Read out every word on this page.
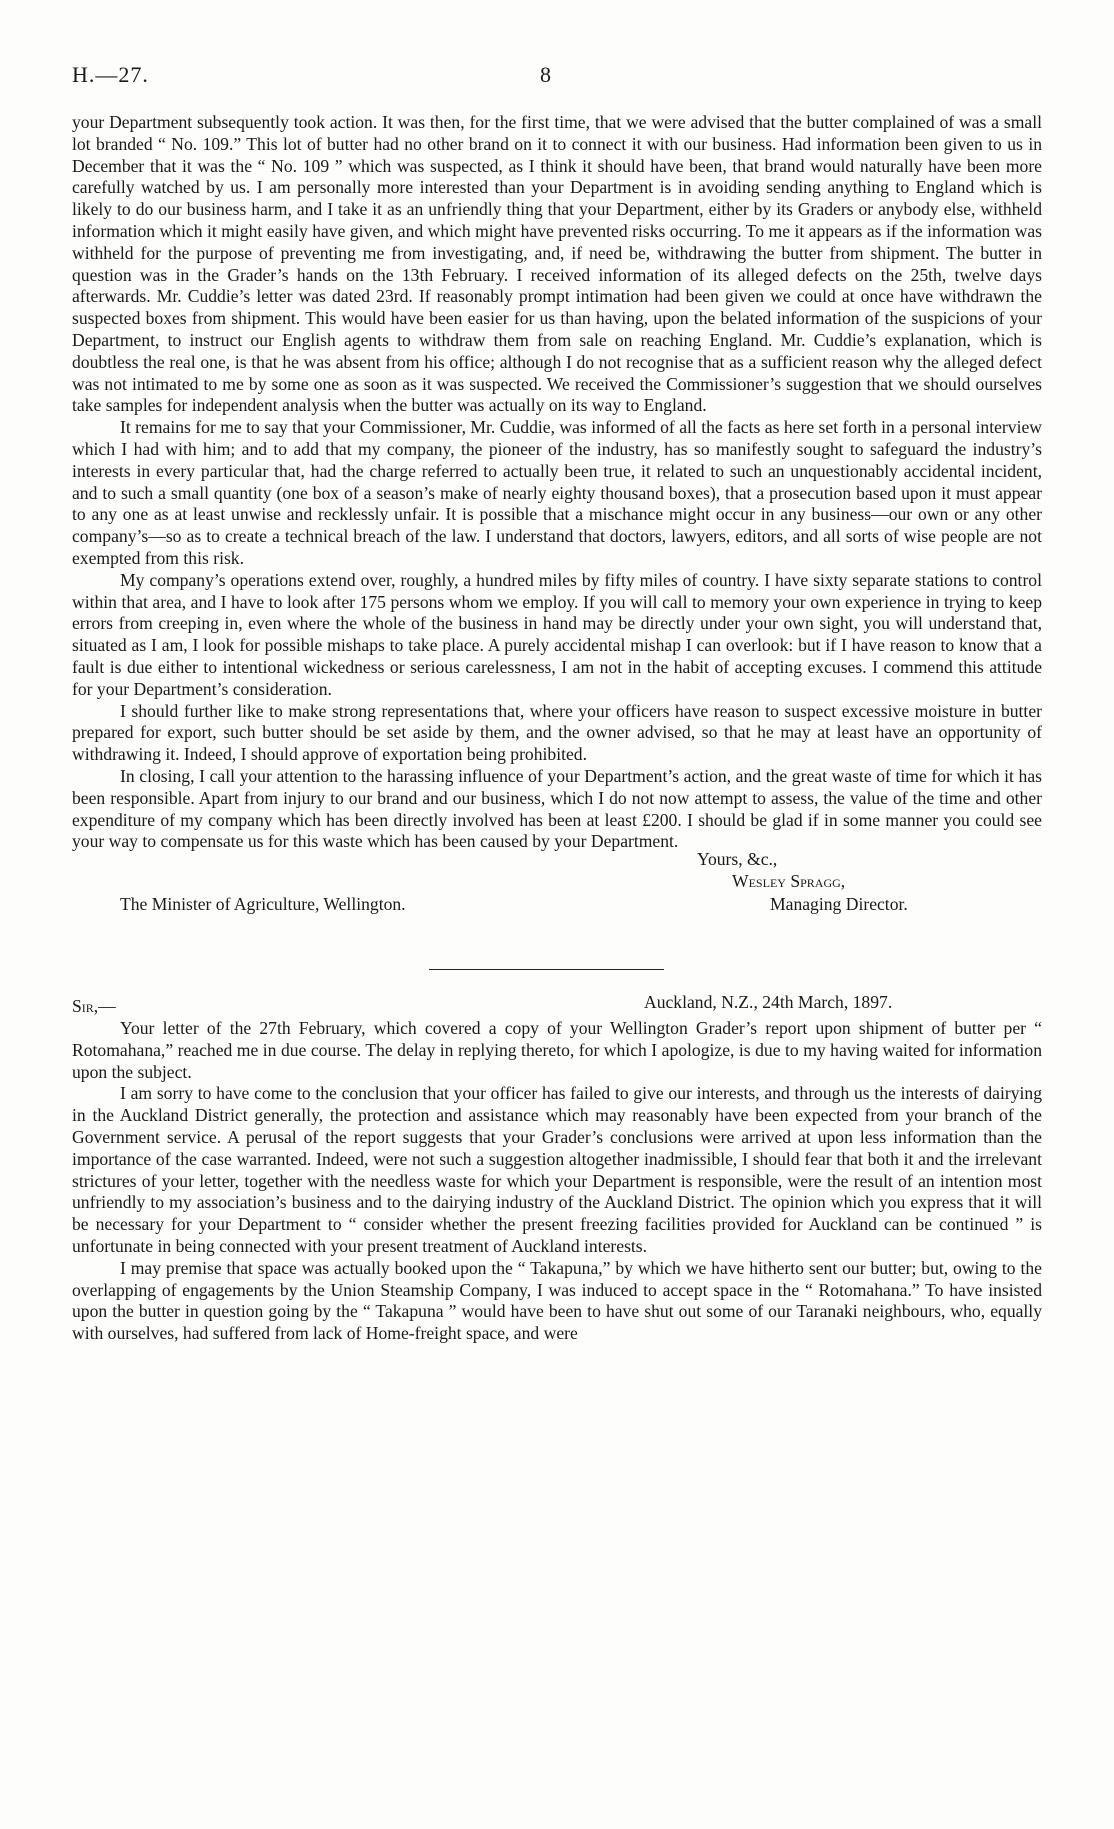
H.—27.	8

your Department subsequently took action. It was then, for the first time, that we were advised that the butter complained of was a small lot branded “ No. 109.” This lot of butter had no other brand on it to connect it with our business. Had information been given to us in December that it was the “ No. 109 ” which was suspected, as I think it should have been, that brand would naturally have been more carefully watched by us. I am personally more interested than your Department is in avoiding sending anything to England which is likely to do our business harm, and I take it as an unfriendly thing that your Department, either by its Graders or anybody else, withheld information which it might easily have given, and which might have prevented risks occurring. To me it appears as if the information was withheld for the purpose of preventing me from investigating, and, if need be, withdrawing the butter from shipment. The butter in question was in the Grader’s hands on the 13th February. I received information of its alleged defects on the 25th, twelve days afterwards. Mr. Cuddie’s letter was dated 23rd. If reasonably prompt intimation had been given we could at once have withdrawn the suspected boxes from shipment. This would have been easier for us than having, upon the belated information of the suspicions of your Department, to instruct our English agents to withdraw them from sale on reaching England. Mr. Cuddie’s explanation, which is doubtless the real one, is that he was absent from his office; although I do not recognise that as a sufficient reason why the alleged defect was not intimated to me by some one as soon as it was suspected. We received the Commissioner’s suggestion that we should ourselves take samples for independent analysis when the butter was actually on its way to England.

It remains for me to say that your Commissioner, Mr. Cuddie, was informed of all the facts as here set forth in a personal interview which I had with him; and to add that my company, the pioneer of the industry, has so manifestly sought to safeguard the industry’s interests in every particular that, had the charge referred to actually been true, it related to such an unquestionably accidental incident, and to such a small quantity (one box of a season’s make of nearly eighty thousand boxes), that a prosecution based upon it must appear to any one as at least unwise and recklessly unfair. It is possible that a mischance might occur in any business—our own or any other company’s—so as to create a technical breach of the law. I understand that doctors, lawyers, editors, and all sorts of wise people are not exempted from this risk.

My company’s operations extend over, roughly, a hundred miles by fifty miles of country. I have sixty separate stations to control within that area, and I have to look after 175 persons whom we employ. If you will call to memory your own experience in trying to keep errors from creeping in, even where the whole of the business in hand may be directly under your own sight, you will understand that, situated as I am, I look for possible mishaps to take place. A purely accidental mishap I can overlook: but if I have reason to know that a fault is due either to intentional wickedness or serious carelessness, I am not in the habit of accepting excuses. I commend this attitude for your Department’s consideration.

I should further like to make strong representations that, where your officers have reason to suspect excessive moisture in butter prepared for export, such butter should be set aside by them, and the owner advised, so that he may at least have an opportunity of withdrawing it. Indeed, I should approve of exportation being prohibited.

In closing, I call your attention to the harassing influence of your Department’s action, and the great waste of time for which it has been responsible. Apart from injury to our brand and our business, which I do not now attempt to assess, the value of the time and other expenditure of my company which has been directly involved has been at least £200. I should be glad if in some manner you could see your way to compensate us for this waste which has been caused by your Department.

Yours, &c.,
Wesley Spragg,
The Minister of Agriculture, Wellington.	Managing Director.
Sir,—	Auckland, N.Z., 24th March, 1897.

Your letter of the 27th February, which covered a copy of your Wellington Grader’s report upon shipment of butter per “ Rotomahana,” reached me in due course. The delay in replying thereto, for which I apologize, is due to my having waited for information upon the subject.

I am sorry to have come to the conclusion that your officer has failed to give our interests, and through us the interests of dairying in the Auckland District generally, the protection and assistance which may reasonably have been expected from your branch of the Government service. A perusal of the report suggests that your Grader’s conclusions were arrived at upon less information than the importance of the case warranted. Indeed, were not such a suggestion altogether inadmissible, I should fear that both it and the irrelevant strictures of your letter, together with the needless waste for which your Department is responsible, were the result of an intention most unfriendly to my association’s business and to the dairying industry of the Auckland District. The opinion which you express that it will be necessary for your Department to “ consider whether the present freezing facilities provided for Auckland can be continued ” is unfortunate in being connected with your present treatment of Auckland interests.

I may premise that space was actually booked upon the “ Takapuna,” by which we have hitherto sent our butter; but, owing to the overlapping of engagements by the Union Steamship Company, I was induced to accept space in the “ Rotomahana.” To have insisted upon the butter in question going by the “ Takapuna ” would have been to have shut out some of our Taranaki neighbours, who, equally with ourselves, had suffered from lack of Home-freight space, and were
